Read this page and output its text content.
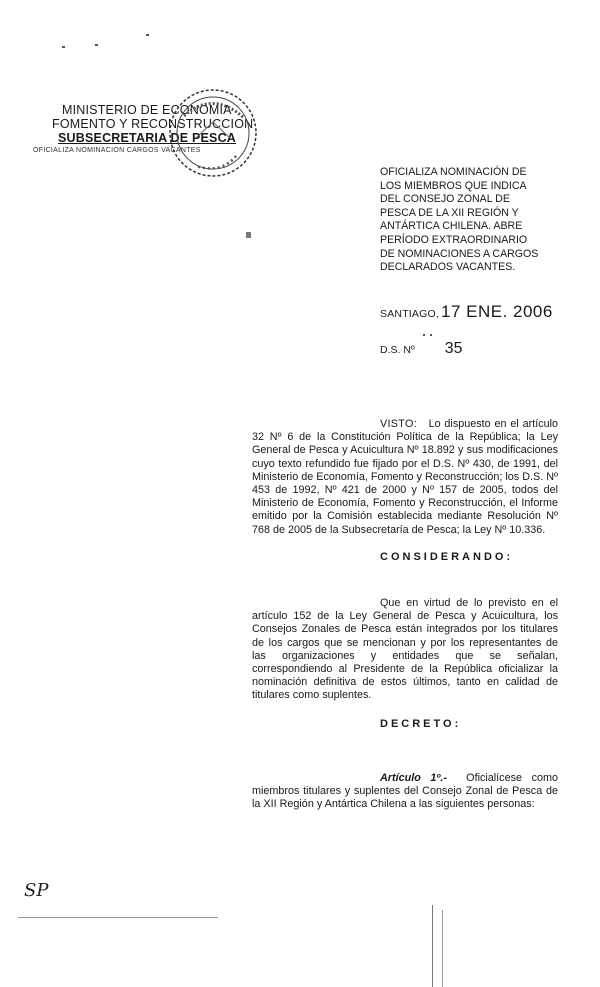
MINISTERIO DE ECONOMIA
FOMENTO Y RECONSTRUCCION
SUBSECRETARIA DE PESCA
OFICIALIZA NOMINACION CARGOS VACANTES
OFICIALIZA NOMINACIÓN DE
LOS MIEMBROS QUE INDICA
DEL CONSEJO ZONAL DE
PESCA DE LA XII REGIÓN Y
ANTÁRTICA CHILENA. ABRE
PERÍODO EXTRAORDINARIO
DE NOMINACIONES A CARGOS
DECLARADOS VACANTES.
SANTIAGO, 17 ENE. 2006
D.S. Nº 35
VISTO: Lo dispuesto en el artículo 32 Nº 6 de la Constitución Política de la República; la Ley General de Pesca y Acuicultura Nº 18.892 y sus modificaciones cuyo texto refundido fue fijado por el D.S. Nº 430, de 1991, del Ministerio de Economía, Fomento y Reconstrucción; los D.S. Nº 453 de 1992, Nº 421 de 2000 y Nº 157 de 2005, todos del Ministerio de Economía, Fomento y Reconstrucción, el Informe emitido por la Comisión establecida mediante Resolución Nº 768 de 2005 de la Subsecretaría de Pesca; la Ley Nº 10.336.
CONSIDERANDO:
Que en virtud de lo previsto en el artículo 152 de la Ley General de Pesca y Acuicultura, los Consejos Zonales de Pesca están integrados por los titulares de los cargos que se mencionan y por los representantes de las organizaciones y entidades que se señalan, correspondiendo al Presidente de la República oficializar la nominación definitiva de estos últimos, tanto en calidad de titulares como suplentes.
DECRETO:
Artículo 1º.- Oficialícese como miembros titulares y suplentes del Consejo Zonal de Pesca de la XII Región y Antártica Chilena a las siguientes personas:
SP
